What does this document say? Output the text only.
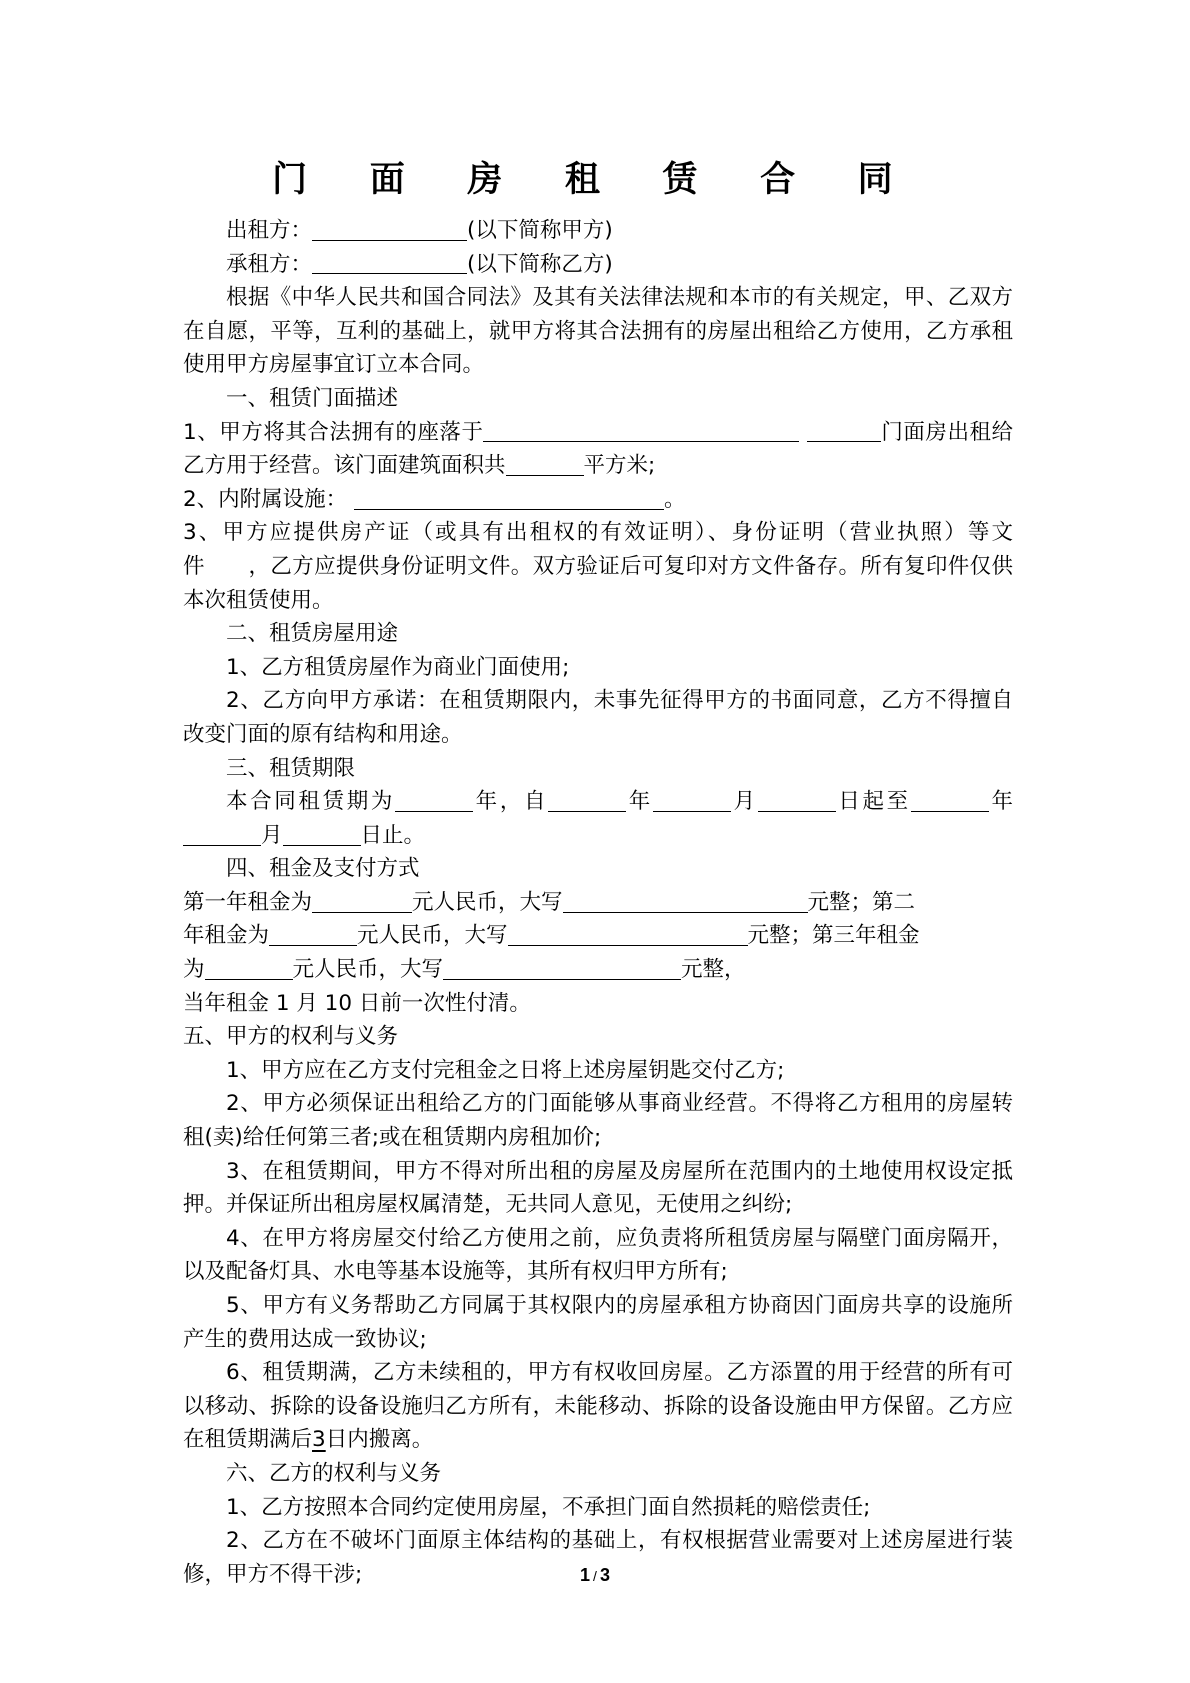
门 面 房 租 赁 合 同

出租方：	(以下简称甲方)

承租方：	(以下简称乙方)

根据《中华人民共和国合同法》及其有关法律法规和本市的有关规定，甲、乙双方在自愿，平等，互利的基础上，就甲方将其合法拥有的房屋出租给乙方使用，乙方承租使用甲方房屋事宜订立本合同。

一、租赁门面描述

1、甲方将其合法拥有的座落于	门面房出租给乙方用于经营。该门面建筑面积共	平方米;

2、内附属设施：	。

3、甲方应提供房产证（或具有出租权的有效证明）、身份证明（营业执照）等文件　　，乙方应提供身份证明文件。双方验证后可复印对方文件备存。所有复印件仅供本次租赁使用。

二、租赁房屋用途

1、乙方租赁房屋作为商业门面使用;

2、乙方向甲方承诺：在租赁期限内，未事先征得甲方的书面同意，乙方不得擅自改变门面的原有结构和用途。

三、租赁期限

本合同租赁期为	年，自	年	月	日起至	年月	日止。

四、租金及支付方式

第一年租金为	元人民币，大写	元整；第二

年租金为	元人民币，大写	元整；第三年租金

为	元人民币，大写	元整，

当年租金 1 月 10 日前一次性付清。

五、甲方的权利与义务

1、甲方应在乙方支付完租金之日将上述房屋钥匙交付乙方;

2、甲方必须保证出租给乙方的门面能够从事商业经营。不得将乙方租用的房屋转租(卖)给任何第三者;或在租赁期内房租加价;

3、在租赁期间，甲方不得对所出租的房屋及房屋所在范围内的土地使用权设定抵押。并保证所出租房屋权属清楚，无共同人意见，无使用之纠纷;

4、在甲方将房屋交付给乙方使用之前，应负责将所租赁房屋与隔壁门面房隔开，以及配备灯具、水电等基本设施等，其所有权归甲方所有;

5、甲方有义务帮助乙方同属于其权限内的房屋承租方协商因门面房共享的设施所产生的费用达成一致协议;

6、租赁期满，乙方未续租的，甲方有权收回房屋。乙方添置的用于经营的所有可以移动、拆除的设备设施归乙方所有，未能移动、拆除的设备设施由甲方保留。乙方应在租赁期满后3日内搬离。

六、乙方的权利与义务

1、乙方按照本合同约定使用房屋，不承担门面自然损耗的赔偿责任;

2、乙方在不破坏门面原主体结构的基础上，有权根据营业需要对上述房屋进行装修，甲方不得干涉;	1 / 3
